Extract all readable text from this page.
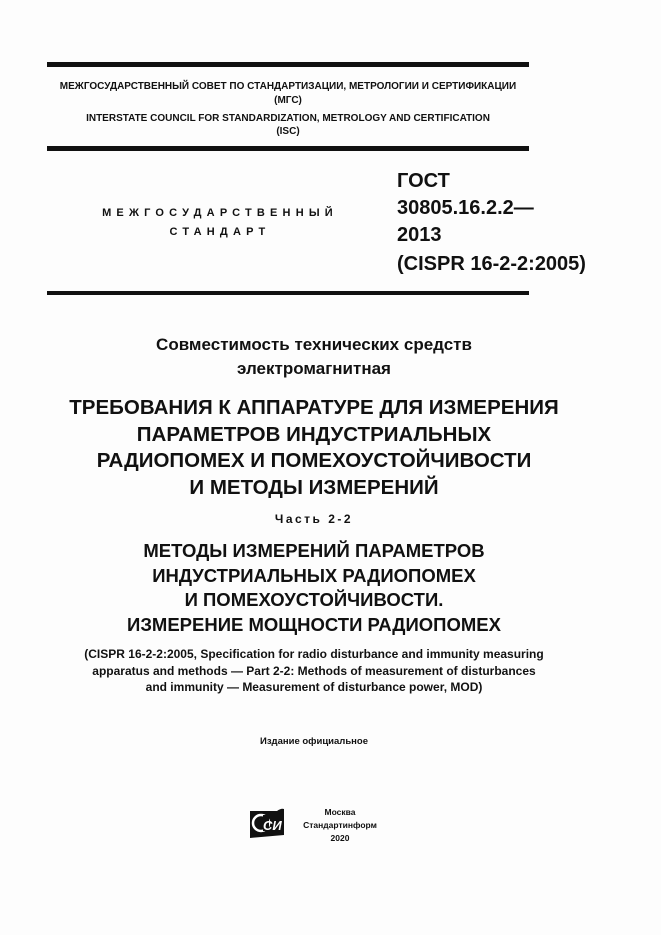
МЕЖГОСУДАРСТВЕННЫЙ СОВЕТ ПО СТАНДАРТИЗАЦИИ, МЕТРОЛОГИИ И СЕРТИФИКАЦИИ
(МГС)
INTERSTATE COUNCIL FOR STANDARDIZATION, METROLOGY AND CERTIFICATION
(ISC)
МЕЖГОСУДАРСТВЕННЫЙ
СТАНДАРТ
ГОСТ
30805.16.2.2—
2013
(CISPR 16-2-2:2005)
Совместимость технических средств
электромагнитная
ТРЕБОВАНИЯ К АППАРАТУРЕ ДЛЯ ИЗМЕРЕНИЯ
ПАРАМЕТРОВ ИНДУСТРИАЛЬНЫХ
РАДИОПОМЕХ И ПОМЕХОУСТОЙЧИВОСТИ
И МЕТОДЫ ИЗМЕРЕНИЙ
Часть 2-2
МЕТОДЫ ИЗМЕРЕНИЙ ПАРАМЕТРОВ
ИНДУСТРИАЛЬНЫХ РАДИОПОМЕХ
И ПОМЕХОУСТОЙЧИВОСТИ.
ИЗМЕРЕНИЕ МОЩНОСТИ РАДИОПОМЕХ
(CISPR 16-2-2:2005, Specification for radio disturbance and immunity measuring
apparatus and methods — Part 2-2: Methods of measurement of disturbances
and immunity — Measurement of disturbance power, MOD)
Издание официальное
СИ
Москва
Стандартинформ
2020
